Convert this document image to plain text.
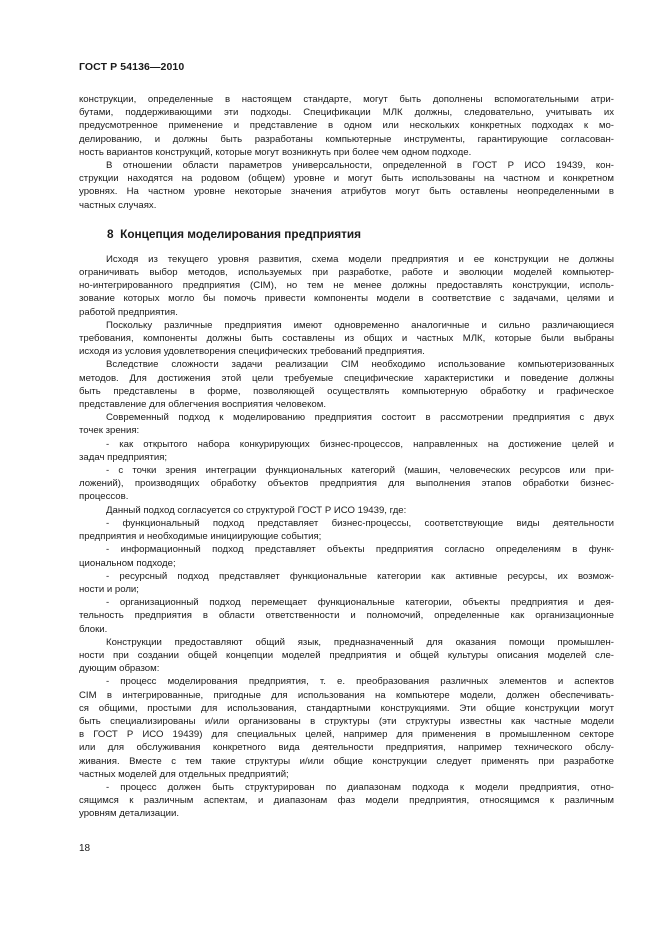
ГОСТ Р 54136—2010
конструкции, определенные в настоящем стандарте, могут быть дополнены вспомогательными атри-
бутами, поддерживающими эти подходы. Спецификации МЛК должны, следовательно, учитывать их
предусмотренное применение и представление в одном или нескольких конкретных подходах к мо-
делированию, и должны быть разработаны компьютерные инструменты, гарантирующие согласован-
ность вариантов конструкций, которые могут возникнуть при более чем одном подходе.
В отношении области параметров универсальности, определенной в ГОСТ Р ИСО 19439, кон-
струкции находятся на родовом (общем) уровне и могут быть использованы на частном и конкретном
уровнях. На частном уровне некоторые значения атрибутов могут быть оставлены неопределенными в
частных случаях.
8 Концепция моделирования предприятия
Исходя из текущего уровня развития, схема модели предприятия и ее конструкции не должны
ограничивать выбор методов, используемых при разработке, работе и эволюции моделей компьютер-
но-интегрированного предприятия (CIM), но тем не менее должны предоставлять конструкции, исполь-
зование которых могло бы помочь привести компоненты модели в соответствие с задачами, целями и
работой предприятия.
Поскольку различные предприятия имеют одновременно аналогичные и сильно различающиеся
требования, компоненты должны быть составлены из общих и частных МЛК, которые были выбраны
исходя из условия удовлетворения специфических требований предприятия.
Вследствие сложности задачи реализации CIM необходимо использование компьютеризованных
методов. Для достижения этой цели требуемые специфические характеристики и поведение должны
быть представлены в форме, позволяющей осуществлять компьютерную обработку и графическое
представление для облегчения восприятия человеком.
Современный подход к моделированию предприятия состоит в рассмотрении предприятия с двух
точек зрения:
- как открытого набора конкурирующих бизнес-процессов, направленных на достижение целей и
задач предприятия;
- с точки зрения интеграции функциональных категорий (машин, человеческих ресурсов или при-
ложений), производящих обработку объектов предприятия для выполнения этапов обработки бизнес-
процессов.
Данный подход согласуется со структурой ГОСТ Р ИСО 19439, где:
- функциональный подход представляет бизнес-процессы, соответствующие виды деятельности
предприятия и необходимые инициирующие события;
- информационный подход представляет объекты предприятия согласно определениям в функ-
циональном подходе;
- ресурсный подход представляет функциональные категории как активные ресурсы, их возмож-
ности и роли;
- организационный подход перемещает функциональные категории, объекты предприятия и дея-
тельность предприятия в области ответственности и полномочий, определенные как организационные
блоки.
Конструкции предоставляют общий язык, предназначенный для оказания помощи промышлен-
ности при создании общей концепции моделей предприятия и общей культуры описания моделей сле-
дующим образом:
- процесс моделирования предприятия, т. е. преобразования различных элементов и аспектов
CIM в интегрированные, пригодные для использования на компьютере модели, должен обеспечивать-
ся общими, простыми для использования, стандартными конструкциями. Эти общие конструкции могут
быть специализированы и/или организованы в структуры (эти структуры известны как частные модели
в ГОСТ Р ИСО 19439) для специальных целей, например для применения в промышленном секторе
или для обслуживания конкретного вида деятельности предприятия, например технического обслу-
живания. Вместе с тем такие структуры и/или общие конструкции следует применять при разработке
частных моделей для отдельных предприятий;
- процесс должен быть структурирован по диапазонам подхода к модели предприятия, отно-
сящимся к различным аспектам, и диапазонам фаз модели предприятия, относящимся к различным
уровням детализации.
18
